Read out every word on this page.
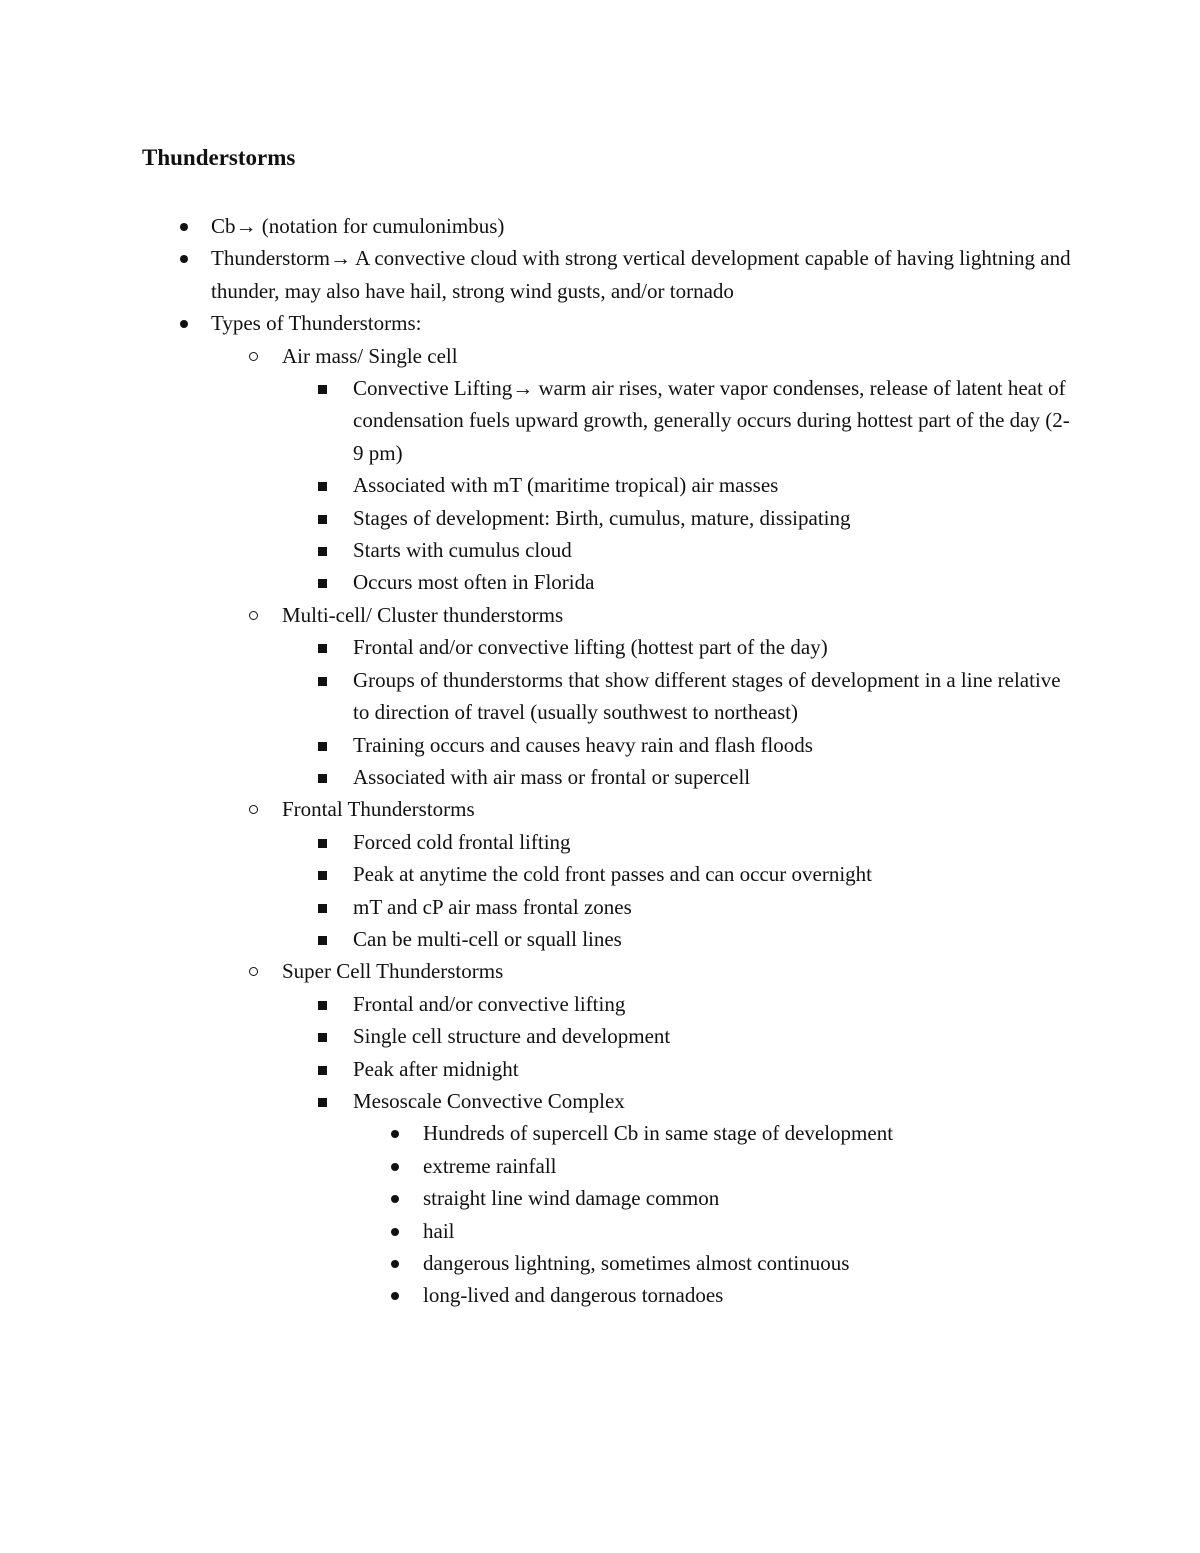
Thunderstorms
Cb→ (notation for cumulonimbus)
Thunderstorm→ A convective cloud with strong vertical development capable of having lightning and thunder, may also have hail, strong wind gusts, and/or tornado
Types of Thunderstorms:
Air mass/ Single cell
Convective Lifting→ warm air rises, water vapor condenses, release of latent heat of condensation fuels upward growth, generally occurs during hottest part of the day (2-9 pm)
Associated with mT (maritime tropical) air masses
Stages of development: Birth, cumulus, mature, dissipating
Starts with cumulus cloud
Occurs most often in Florida
Multi-cell/ Cluster thunderstorms
Frontal and/or convective lifting (hottest part of the day)
Groups of thunderstorms that show different stages of development in a line relative to direction of travel (usually southwest to northeast)
Training occurs and causes heavy rain and flash floods
Associated with air mass or frontal or supercell
Frontal Thunderstorms
Forced cold frontal lifting
Peak at anytime the cold front passes and can occur overnight
mT and cP air mass frontal zones
Can be multi-cell or squall lines
Super Cell Thunderstorms
Frontal and/or convective lifting
Single cell structure and development
Peak after midnight
Mesoscale Convective Complex
Hundreds of supercell Cb in same stage of development
extreme rainfall
straight line wind damage common
hail
dangerous lightning, sometimes almost continuous
long-lived and dangerous tornadoes
